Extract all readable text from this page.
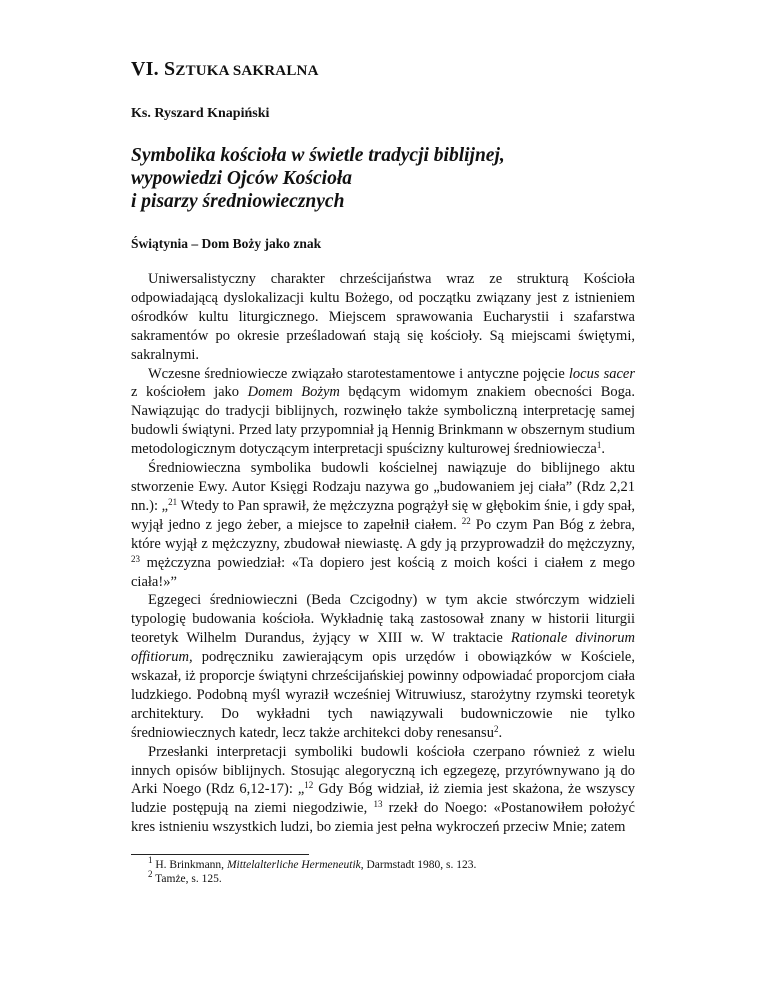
VI. SZTUKA SAKRALNA
Ks. Ryszard Knapiński
Symbolika kościoła w świetle tradycji biblijnej,
wypowiedzi Ojców Kościoła
i pisarzy średniowiecznych
Świątynia – Dom Boży jako znak

Uniwersalistyczny charakter chrześcijaństwa wraz ze strukturą Kościoła odpowiadającą dyslokalizacji kultu Bożego, od początku związany jest z istnieniem ośrodków kultu liturgicznego. Miejscem sprawowania Eucharystii i szafarstwa sakramentów po okresie prześladowań stają się kościoły. Są miejscami świętymi, sakralnymi.

Wczesne średniowiecze związało starotestamentowe i antyczne pojęcie locus sacer z kościołem jako Domem Bożym będącym widomym znakiem obecności Boga. Nawiązując do tradycji biblijnych, rozwinęło także symboliczną interpretację samej budowli świątyni. Przed laty przypomniał ją Hennig Brinkmann w obszernym studium metodologicznym dotyczącym interpretacji spuścizny kulturowej średniowiecza$^1$.

Średniowieczna symbolika budowli kościelnej nawiązuje do biblijnego aktu stworzenie Ewy. Autor Księgi Rodzaju nazywa go „budowaniem jej ciała” (Rdz 2,21 nn.): „$^{21}$ Wtedy to Pan sprawił, że mężczyzna pogrążył się w głębokim śnie, i gdy spał, wyjął jedno z jego żeber, a miejsce to zapełnił ciałem. $^{22}$ Po czym Pan Bóg z żebra, które wyjął z mężczyzny, zbudował niewiastę. A gdy ją przyprowadził do mężczyzny, $^{23}$ mężczyzna powiedział: «Ta dopiero jest kością z moich kości i ciałem z mego ciała!»”

Egzegeci średniowieczni (Beda Czcigodny) w tym akcie stwórczym widzieli typologię budowania kościoła. Wykładnię taką zastosował znany w historii liturgii teoretyk Wilhelm Durandus, żyjący w XIII w. W traktacie Rationale divinorum offitiorum, podręczniku zawierającym opis urzędów i obowiązków w Kościele, wskazał, iż proporcje świątyni chrześcijańskiej powinny odpowiadać proporcjom ciała ludzkiego. Podobną myśl wyraził wcześniej Witruwiusz, starożytny rzymski teoretyk architektury. Do wykładni tych nawiązywali budowniczowie nie tylko średniowiecznych katedr, lecz także architekci doby renesansu$^2$.

Przesłanki interpretacji symboliki budowli kościoła czerpano również z wielu innych opisów biblijnych. Stosując alegoryczną ich egzegezę, przyrównywano ją do Arki Noego (Rdz 6,12-17): „$^{12}$ Gdy Bóg widział, iż ziemia jest skażona, że wszyscy ludzie postępują na ziemi niegodziwie, $^{13}$ rzekł do Noego: «Postanowiłem położyć kres istnieniu wszystkich ludzi, bo ziemia jest pełna wykroczeń przeciw Mnie; zatem

$^1$ H. Brinkmann, Mittelalterliche Hermeneutik, Darmstadt 1980, s. 123.
$^2$ Tamże, s. 125.
